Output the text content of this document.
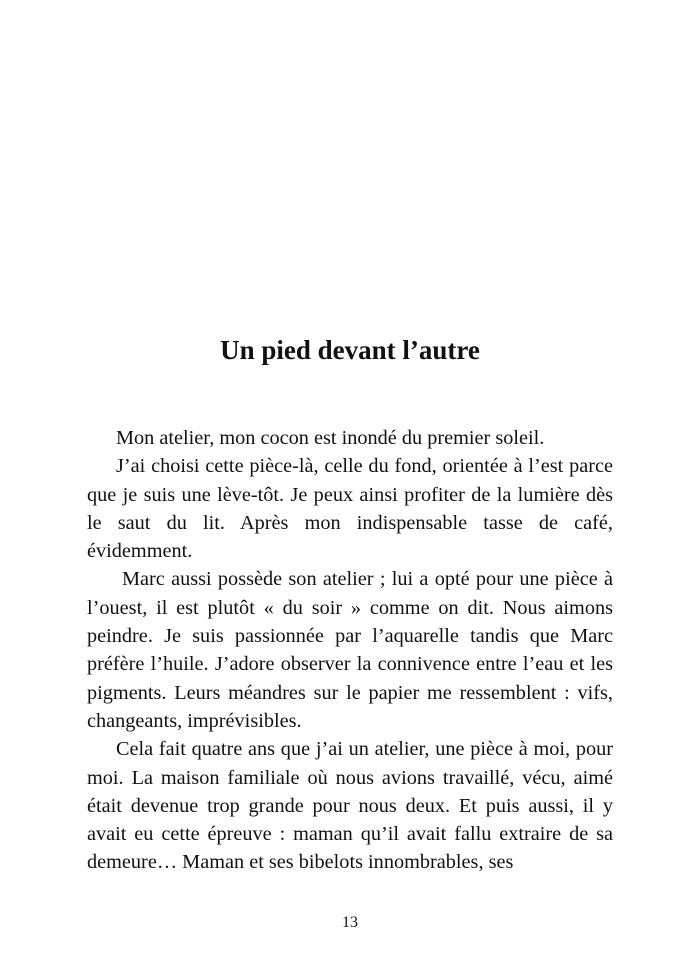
Un pied devant l’autre

Mon atelier, mon cocon est inondé du premier soleil.

J’ai choisi cette pièce-là, celle du fond, orientée à l’est parce que je suis une lève-tôt. Je peux ainsi profiter de la lumière dès le saut du lit. Après mon indispensable tasse de café, évidemment.

Marc aussi possède son atelier ; lui a opté pour une pièce à l’ouest, il est plutôt « du soir » comme on dit. Nous aimons peindre. Je suis passionnée par l’aquarelle tandis que Marc préfère l’huile. J’adore observer la connivence entre l’eau et les pigments. Leurs méandres sur le papier me ressemblent : vifs, changeants, imprévisibles.

Cela fait quatre ans que j’ai un atelier, une pièce à moi, pour moi. La maison familiale où nous avions travaillé, vécu, aimé était devenue trop grande pour nous deux. Et puis aussi, il y avait eu cette épreuve : maman qu’il avait fallu extraire de sa demeure… Maman et ses bibelots innombrables, ses

13
